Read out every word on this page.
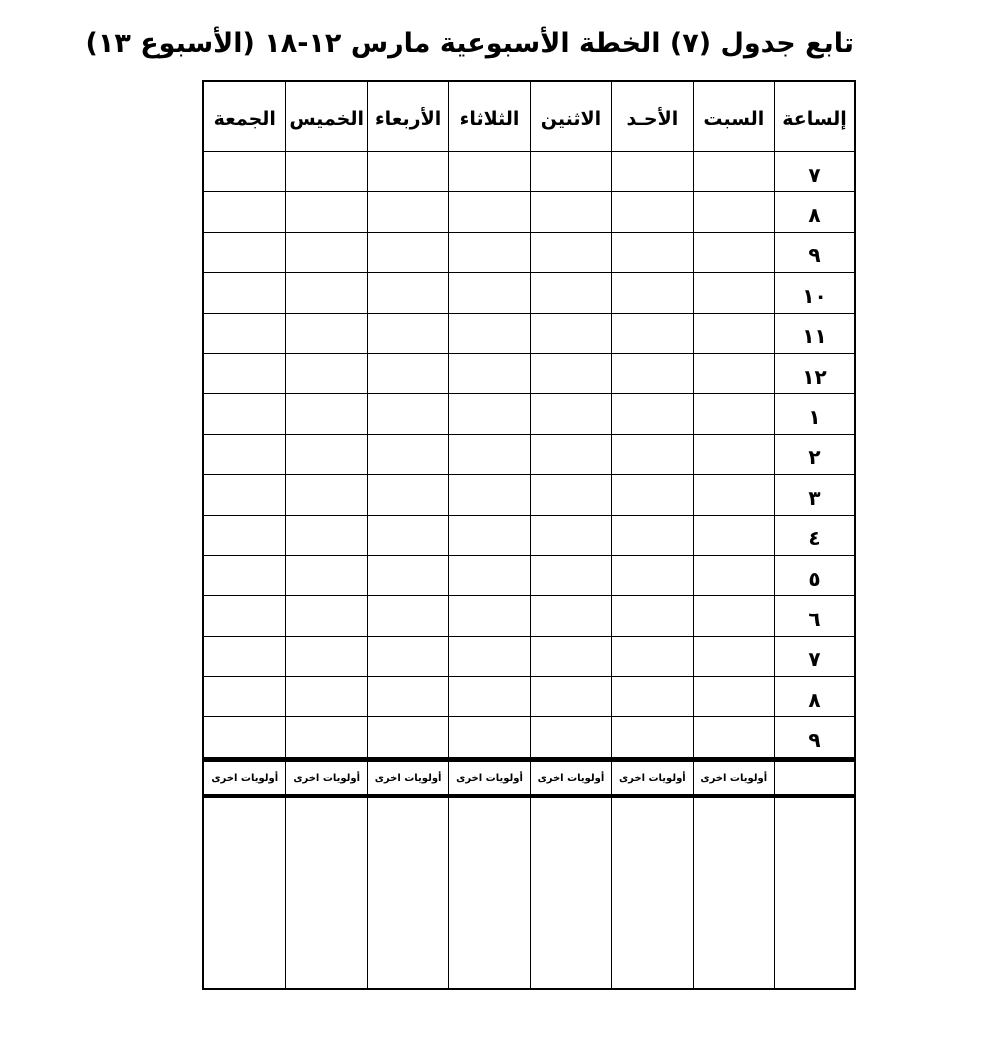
تابع جدول (٧) الخطة الأسبوعية مارس ١٢-١٨ (الأسبوع ١٣)
إلساعة
السبت
الأحـد
الاثنين
الثلاثاء
الأربعاء
الخميس
الجمعة
٧
٨
٩
١٠
١١
١٢
١
٢
٣
٤
٥
٦
٧
٨
٩
أولويات اخرى
أولويات اخرى
أولويات اخرى
أولويات اخرى
أولويات اخرى
أولويات اخرى
أولويات اخرى
